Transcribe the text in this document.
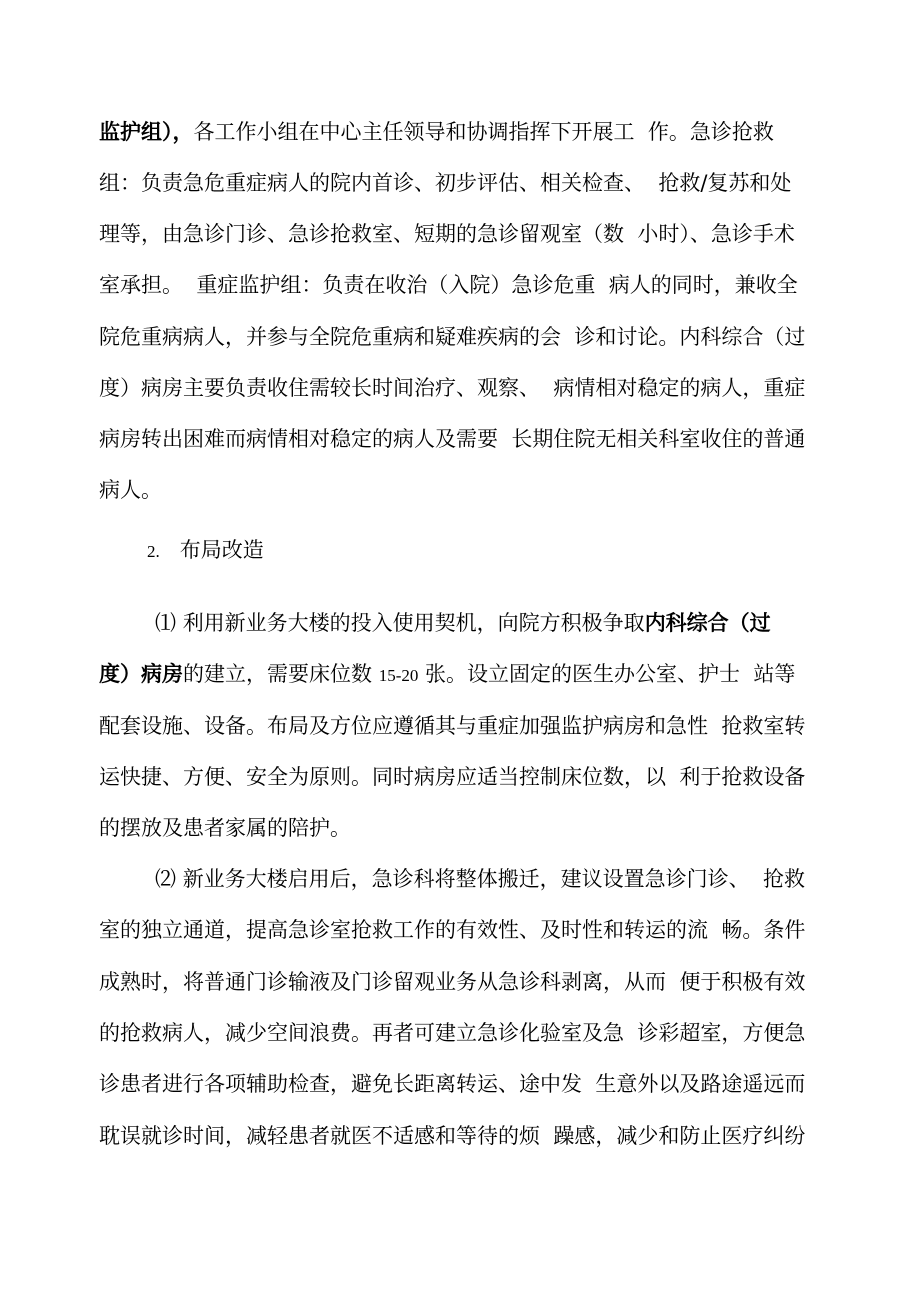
监护组），各工作小组在中心主任领导和协调指挥下开展工  作。急诊抢救
组：负责急危重症病人的院内首诊、初步评估、相关检查、  抢救/复苏和处
理等，由急诊门诊、急诊抢救室、短期的急诊留观室（数  小时）、急诊手术
室承担。  重症监护组：负责在收治（入院）急诊危重  病人的同时，兼收全
院危重病病人，并参与全院危重病和疑难疾病的会  诊和讨论。内科综合（过
度）病房主要负责收住需较长时间治疗、观察、  病情相对稳定的病人，重症
病房转出困难而病情相对稳定的病人及需要  长期住院无相关科室收住的普通
病人。
2. 布局改造
⑴ 利用新业务大楼的投入使用契机，向院方积极争取内科综合（过
度）病房的建立，需要床位数 15-20 张。设立固定的医生办公室、护士  站等
配套设施、设备。布局及方位应遵循其与重症加强监护病房和急性  抢救室转
运快捷、方便、安全为原则。同时病房应适当控制床位数，以  利于抢救设备
的摆放及患者家属的陪护。
⑵ 新业务大楼启用后，急诊科将整体搬迁，建议设置急诊门诊、  抢救
室的独立通道，提高急诊室抢救工作的有效性、及时性和转运的流  畅。条件
成熟时，将普通门诊输液及门诊留观业务从急诊科剥离，从而  便于积极有效
的抢救病人，减少空间浪费。再者可建立急诊化验室及急  诊彩超室，方便急
诊患者进行各项辅助检查，避免长距离转运、途中发  生意外以及路途遥远而
耽误就诊时间，减轻患者就医不适感和等待的烦  躁感，减少和防止医疗纠纷
